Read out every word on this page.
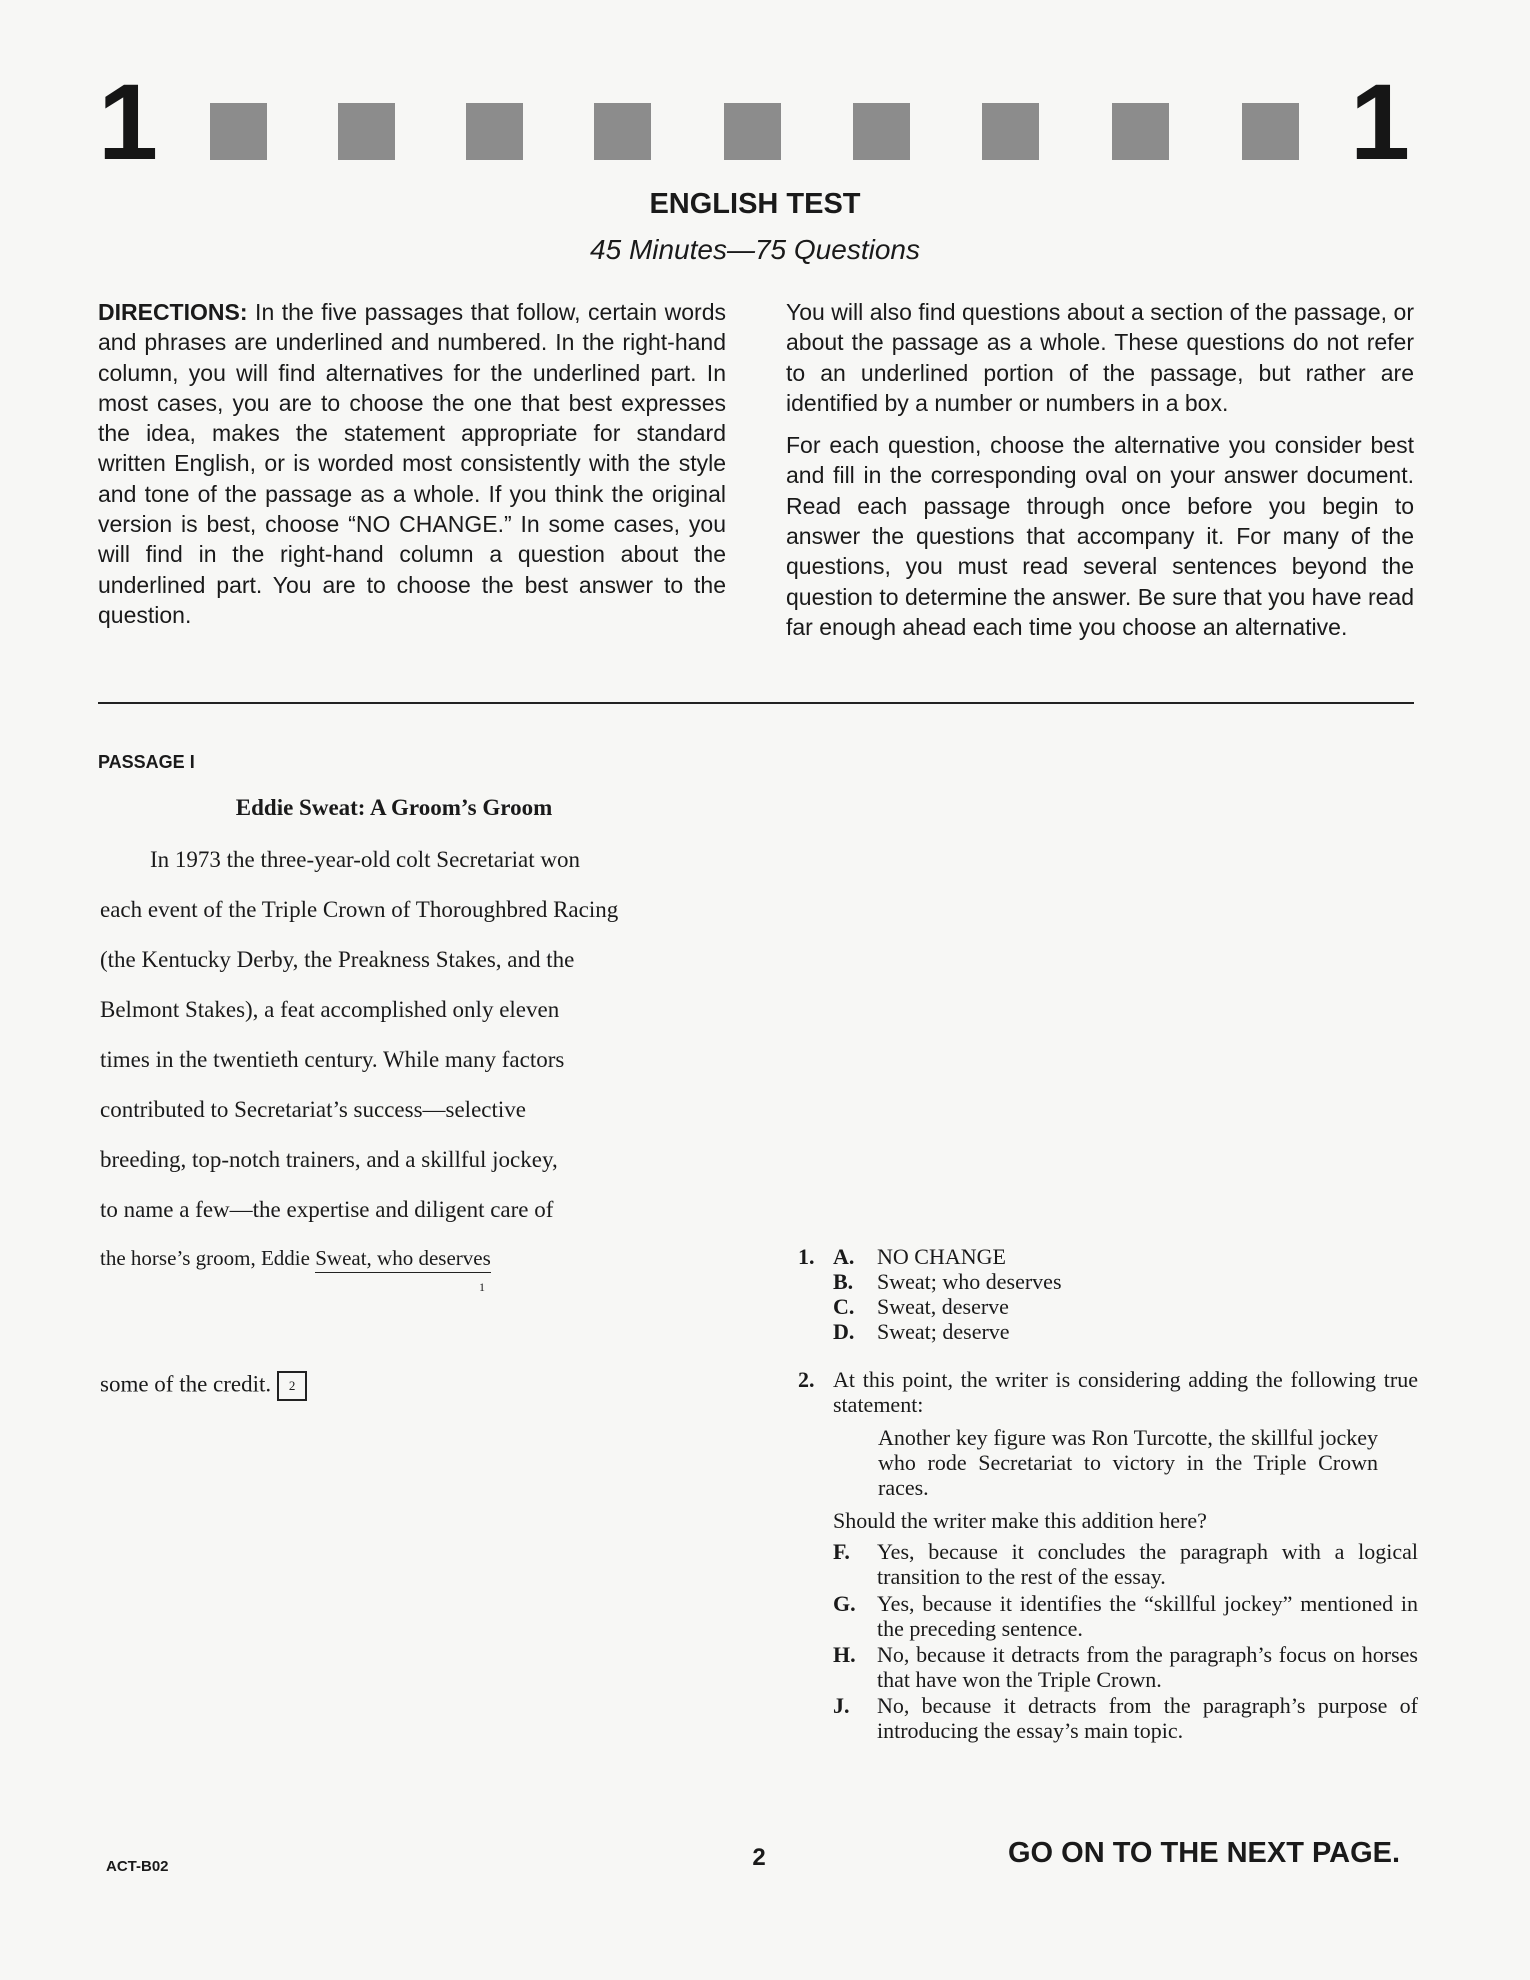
1	1
ENGLISH TEST
45 Minutes—75 Questions

DIRECTIONS: In the five passages that follow, certain words and phrases are underlined and numbered. In the right-hand column, you will find alternatives for the underlined part. In most cases, you are to choose the one that best expresses the idea, makes the statement appropriate for standard written English, or is worded most consistently with the style and tone of the passage as a whole. If you think the original version is best, choose “NO CHANGE.” In some cases, you will find in the right-hand column a question about the underlined part. You are to choose the best answer to the question.

You will also find questions about a section of the passage, or about the passage as a whole. These questions do not refer to an underlined portion of the passage, but rather are identified by a number or numbers in a box.

For each question, choose the alternative you consider best and fill in the corresponding oval on your answer document. Read each passage through once before you begin to answer the questions that accompany it. For many of the questions, you must read several sentences beyond the question to determine the answer. Be sure that you have read far enough ahead each time you choose an alternative.

PASSAGE I
Eddie Sweat: A Groom’s Groom
In 1973 the three-year-old colt Secretariat won
each event of the Triple Crown of Thoroughbred Racing
(the Kentucky Derby, the Preakness Stakes, and the
Belmont Stakes), a feat accomplished only eleven
times in the twentieth century. While many factors
contributed to Secretariat’s success—selective
breeding, top-notch trainers, and a skillful jockey,
to name a few—the expertise and diligent care of
the horse’s groom, Eddie Sweat, who deserves
1
some of the credit. 2
1. A. NO CHANGE
B. Sweat; who deserves
C. Sweat, deserve
D. Sweat; deserve
2. At this point, the writer is considering adding the following true statement:
Another key figure was Ron Turcotte, the skillful jockey who rode Secretariat to victory in the Triple Crown races.
Should the writer make this addition here?
F. Yes, because it concludes the paragraph with a logical transition to the rest of the essay.
G. Yes, because it identifies the “skillful jockey” mentioned in the preceding sentence.
H. No, because it detracts from the paragraph’s focus on horses that have won the Triple Crown.
J. No, because it detracts from the paragraph’s purpose of introducing the essay’s main topic.
ACT-B02	2	GO ON TO THE NEXT PAGE.
